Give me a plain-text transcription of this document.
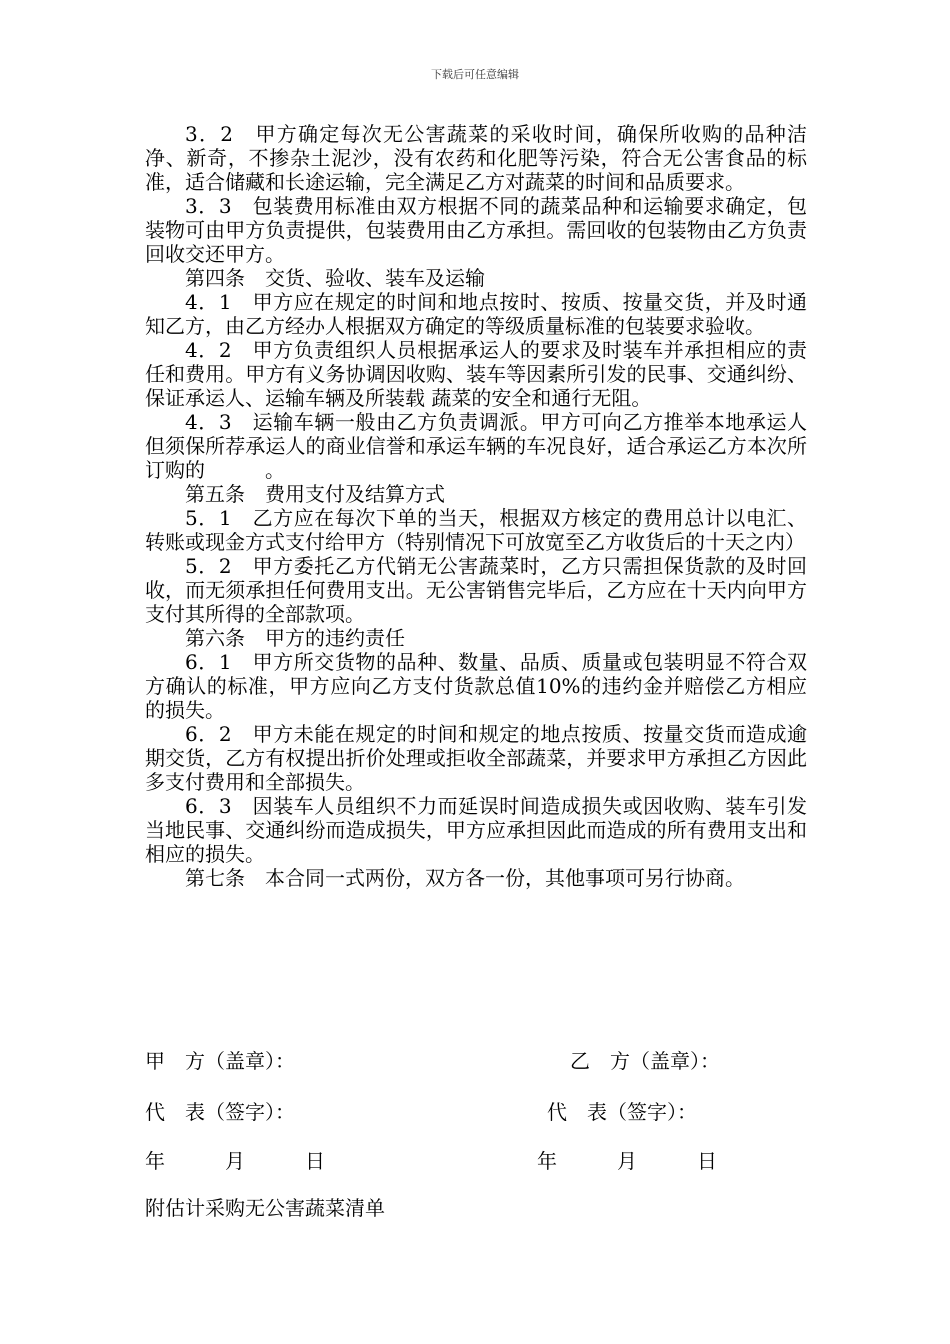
下载后可任意编辑

3．2　甲方确定每次无公害蔬菜的采收时间，确保所收购的品种洁净、新奇，不掺杂土泥沙，没有农药和化肥等污染，符合无公害食品的标准，适合储藏和长途运输，完全满足乙方对蔬菜的时间和品质要求。

3．3　包装费用标准由双方根据不同的蔬菜品种和运输要求确定，包装物可由甲方负责提供，包装费用由乙方承担。需回收的包装物由乙方负责回收交还甲方。

第四条　交货、验收、装车及运输

4．1　甲方应在规定的时间和地点按时、按质、按量交货，并及时通知乙方，由乙方经办人根据双方确定的等级质量标准的包装要求验收。

4．2　甲方负责组织人员根据承运人的要求及时装车并承担相应的责任和费用。甲方有义务协调因收购、装车等因素所引发的民事、交通纠纷、保证承运人、运输车辆及所装载 蔬菜的安全和通行无阻。

4．3　运输车辆一般由乙方负责调派。甲方可向乙方推举本地承运人但须保所荐承运人的商业信誉和承运车辆的车况良好，适合承运乙方本次所订购的　　　。

第五条　费用支付及结算方式

5．1　乙方应在每次下单的当天，根据双方核定的费用总计以电汇、转账或现金方式支付给甲方（特别情况下可放宽至乙方收货后的十天之内）

5．2　甲方委托乙方代销无公害蔬菜时，乙方只需担保货款的及时回收，而无须承担任何费用支出。无公害销售完毕后，乙方应在十天内向甲方支付其所得的全部款项。

第六条　甲方的违约责任

6．1　甲方所交货物的品种、数量、品质、质量或包装明显不符合双方确认的标准，甲方应向乙方支付货款总值10%的违约金并赔偿乙方相应的损失。

6．2　甲方未能在规定的时间和规定的地点按质、按量交货而造成逾期交货，乙方有权提出折价处理或拒收全部蔬菜，并要求甲方承担乙方因此多支付费用和全部损失。

6．3　因装车人员组织不力而延误时间造成损失或因收购、装车引发当地民事、交通纠纷而造成损失，甲方应承担因此而造成的所有费用支出和相应的损失。

第七条　本合同一式两份，双方各一份，其他事项可另行协商。

甲　方（盖章）：	乙　方（盖章）：
代　表（签字）：	代　表（签字）：
年　　　月　　　日	年　　　月　　　日
附估计采购无公害蔬菜清单
